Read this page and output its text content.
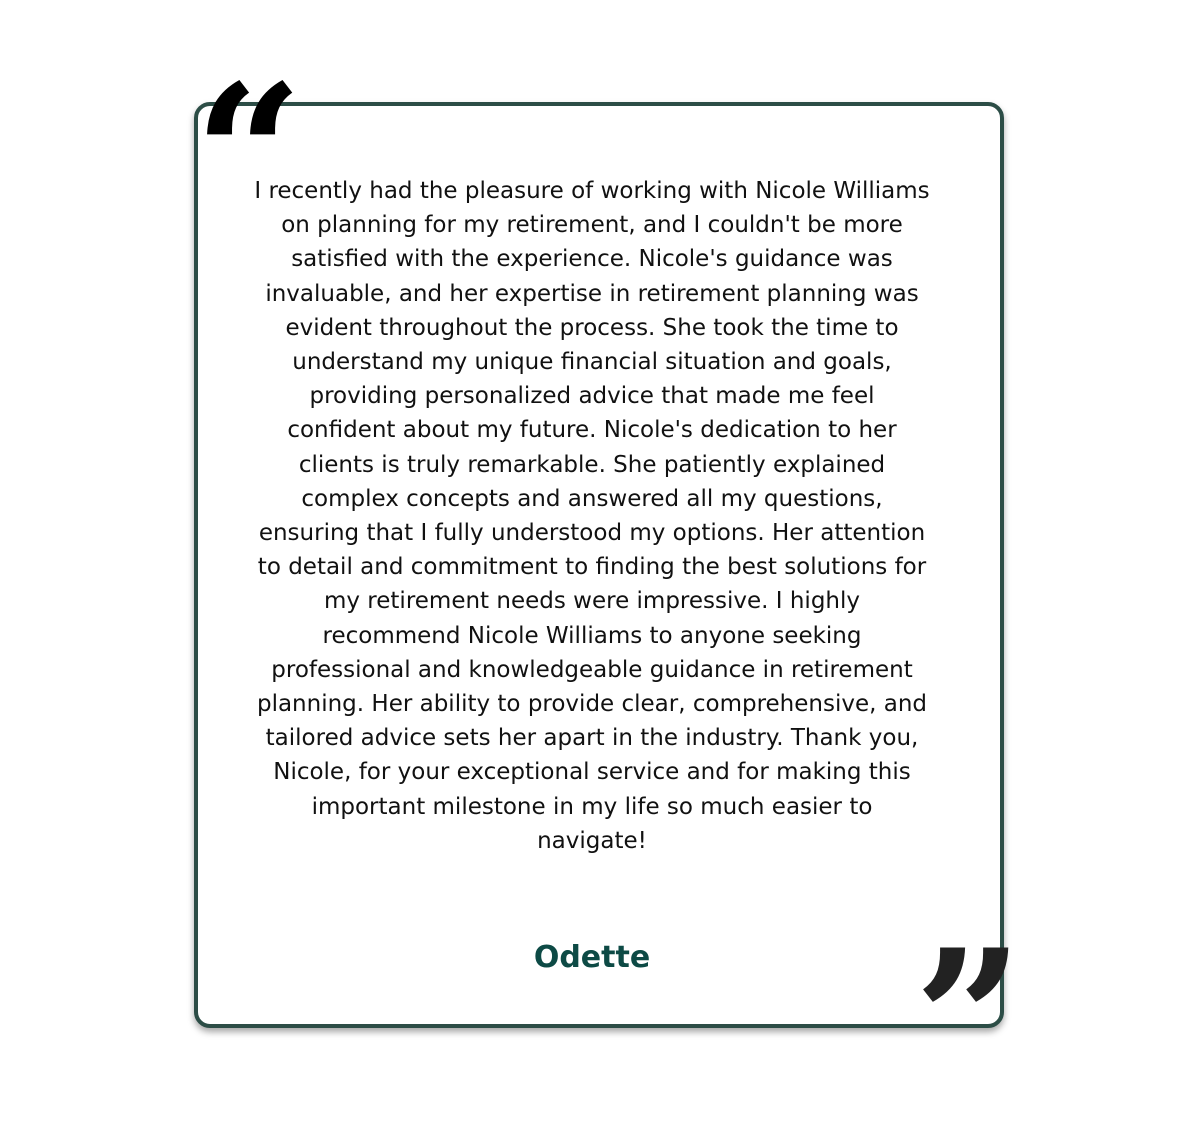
“

I recently had the pleasure of working with Nicole Williams on planning for my retirement, and I couldn't be more satisfied with the experience. Nicole's guidance was invaluable, and her expertise in retirement planning was evident throughout the process. She took the time to understand my unique financial situation and goals, providing personalized advice that made me feel confident about my future. Nicole's dedication to her clients is truly remarkable. She patiently explained complex concepts and answered all my questions, ensuring that I fully understood my options. Her attention to detail and commitment to finding the best solutions for my retirement needs were impressive. I highly recommend Nicole Williams to anyone seeking professional and knowledgeable guidance in retirement planning. Her ability to provide clear, comprehensive, and tailored advice sets her apart in the industry. Thank you, Nicole, for your exceptional service and for making this important milestone in my life so much easier to navigate!

Odette	”
